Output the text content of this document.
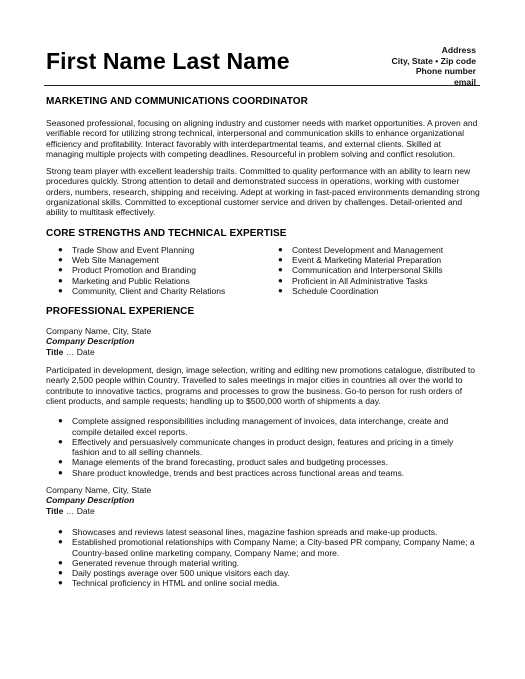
First Name Last Name	Address
City, State • Zip code
Phone number
email
MARKETING AND COMMUNICATIONS COORDINATOR

Seasoned professional, focusing on aligning industry and customer needs with market opportunities. A proven and verifiable record for utilizing strong technical, interpersonal and communication skills to enhance organizational efficiency and profitability. Interact favorably with interdepartmental teams, and external clients. Skilled at managing multiple projects with competing deadlines. Resourceful in problem solving and conflict resolution.

Strong team player with excellent leadership traits. Committed to quality performance with an ability to learn new procedures quickly. Strong attention to detail and demonstrated success in operations, working with customer orders, numbers, research, shipping and receiving. Adept at working in fast-paced environments demanding strong organizational skills. Committed to exceptional customer service and driven by challenges. Detail-oriented and ability to multitask effectively.

CORE STRENGTHS AND TECHNICAL EXPERTISE
● Trade Show and Event Planning
● Web Site Management
● Product Promotion and Branding
● Marketing and Public Relations
● Community, Client and Charity Relations
● Contest Development and Management
● Event & Marketing Material Preparation
● Communication and Interpersonal Skills
● Proficient in All Administrative Tasks
● Schedule Coordination
PROFESSIONAL EXPERIENCE
Company Name, City, State
Company Description
Title … Date

Participated in development, design, image selection, writing and editing new promotions catalogue, distributed to nearly 2,500 people within Country. Travelled to sales meetings in major cities in countries all over the world to contribute to innovative tactics, programs and processes to grow the business. Go-to person for rush orders of client products, and sample requests; handling up to $500,000 worth of shipments a day.

● Complete assigned responsibilities including management of invoices, data interchange, create and compile detailed excel reports.
● Effectively and persuasively communicate changes in product design, features and pricing in a timely fashion and to all selling channels.
● Manage elements of the brand forecasting, product sales and budgeting processes.
● Share product knowledge, trends and best practices across functional areas and teams.
Company Name, City, State
Company Description
Title … Date
● Showcases and reviews latest seasonal lines, magazine fashion spreads and make-up products.
● Established promotional relationships with Company Name; a City-based PR company, Company Name; a Country-based online marketing company, Company Name; and more.
● Generated revenue through material writing.
● Daily postings average over 500 unique visitors each day.
● Technical proficiency in HTML and online social media.
